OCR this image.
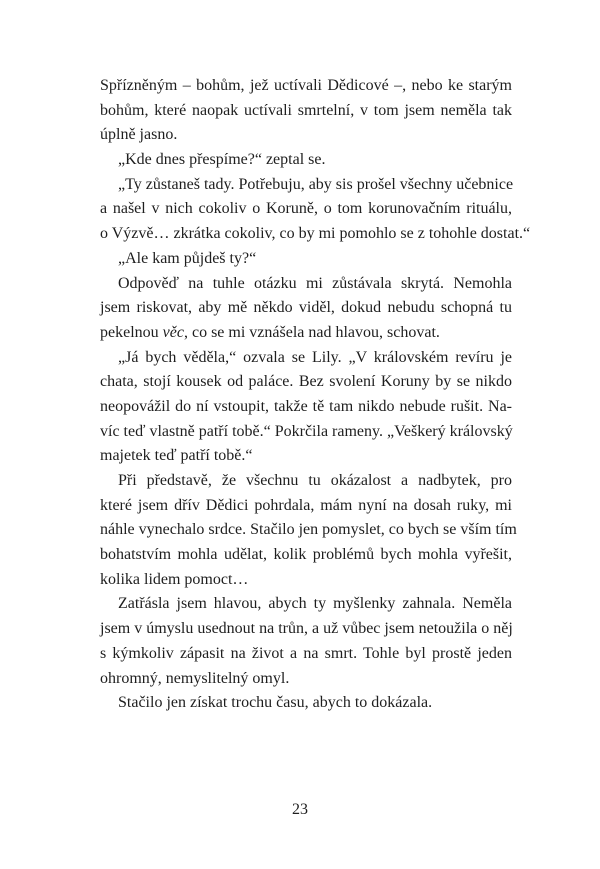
Spřízněným – bohům, jež uctívali Dědicové –, nebo ke starým
bohům, které naopak uctívali smrtelní, v tom jsem neměla tak
úplně jasno.
„Kde dnes přespíme?“ zeptal se.
„Ty zůstaneš tady. Potřebuju, aby sis prošel všechny učebnice
a našel v nich cokoliv o Koruně, o tom korunovačním rituálu,
o Výzvě… zkrátka cokoliv, co by mi pomohlo se z tohohle dostat.“
„Ale kam půjdeš ty?“
Odpověď na tuhle otázku mi zůstávala skrytá. Nemohla
jsem riskovat, aby mě někdo viděl, dokud nebudu schopná tu
pekelnou věc, co se mi vznášela nad hlavou, schovat.
„Já bych věděla,“ ozvala se Lily. „V královském revíru je
chata, stojí kousek od paláce. Bez svolení Koruny by se nikdo
neopovážil do ní vstoupit, takže tě tam nikdo nebude rušit. Na-
víc teď vlastně patří tobě.“ Pokrčila rameny. „Veškerý královský
majetek teď patří tobě.“
Při představě, že všechnu tu okázalost a nadbytek, pro
které jsem dřív Dědici pohrdala, mám nyní na dosah ruky, mi
náhle vynechalo srdce. Stačilo jen pomyslet, co bych se vším tím
bohatstvím mohla udělat, kolik problémů bych mohla vyřešit,
kolika lidem pomoct…
Zatřásla jsem hlavou, abych ty myšlenky zahnala. Neměla
jsem v úmyslu usednout na trůn, a už vůbec jsem netoužila o něj
s kýmkoliv zápasit na život a na smrt. Tohle byl prostě jeden
ohromný, nemyslitelný omyl.
Stačilo jen získat trochu času, abych to dokázala.
23
